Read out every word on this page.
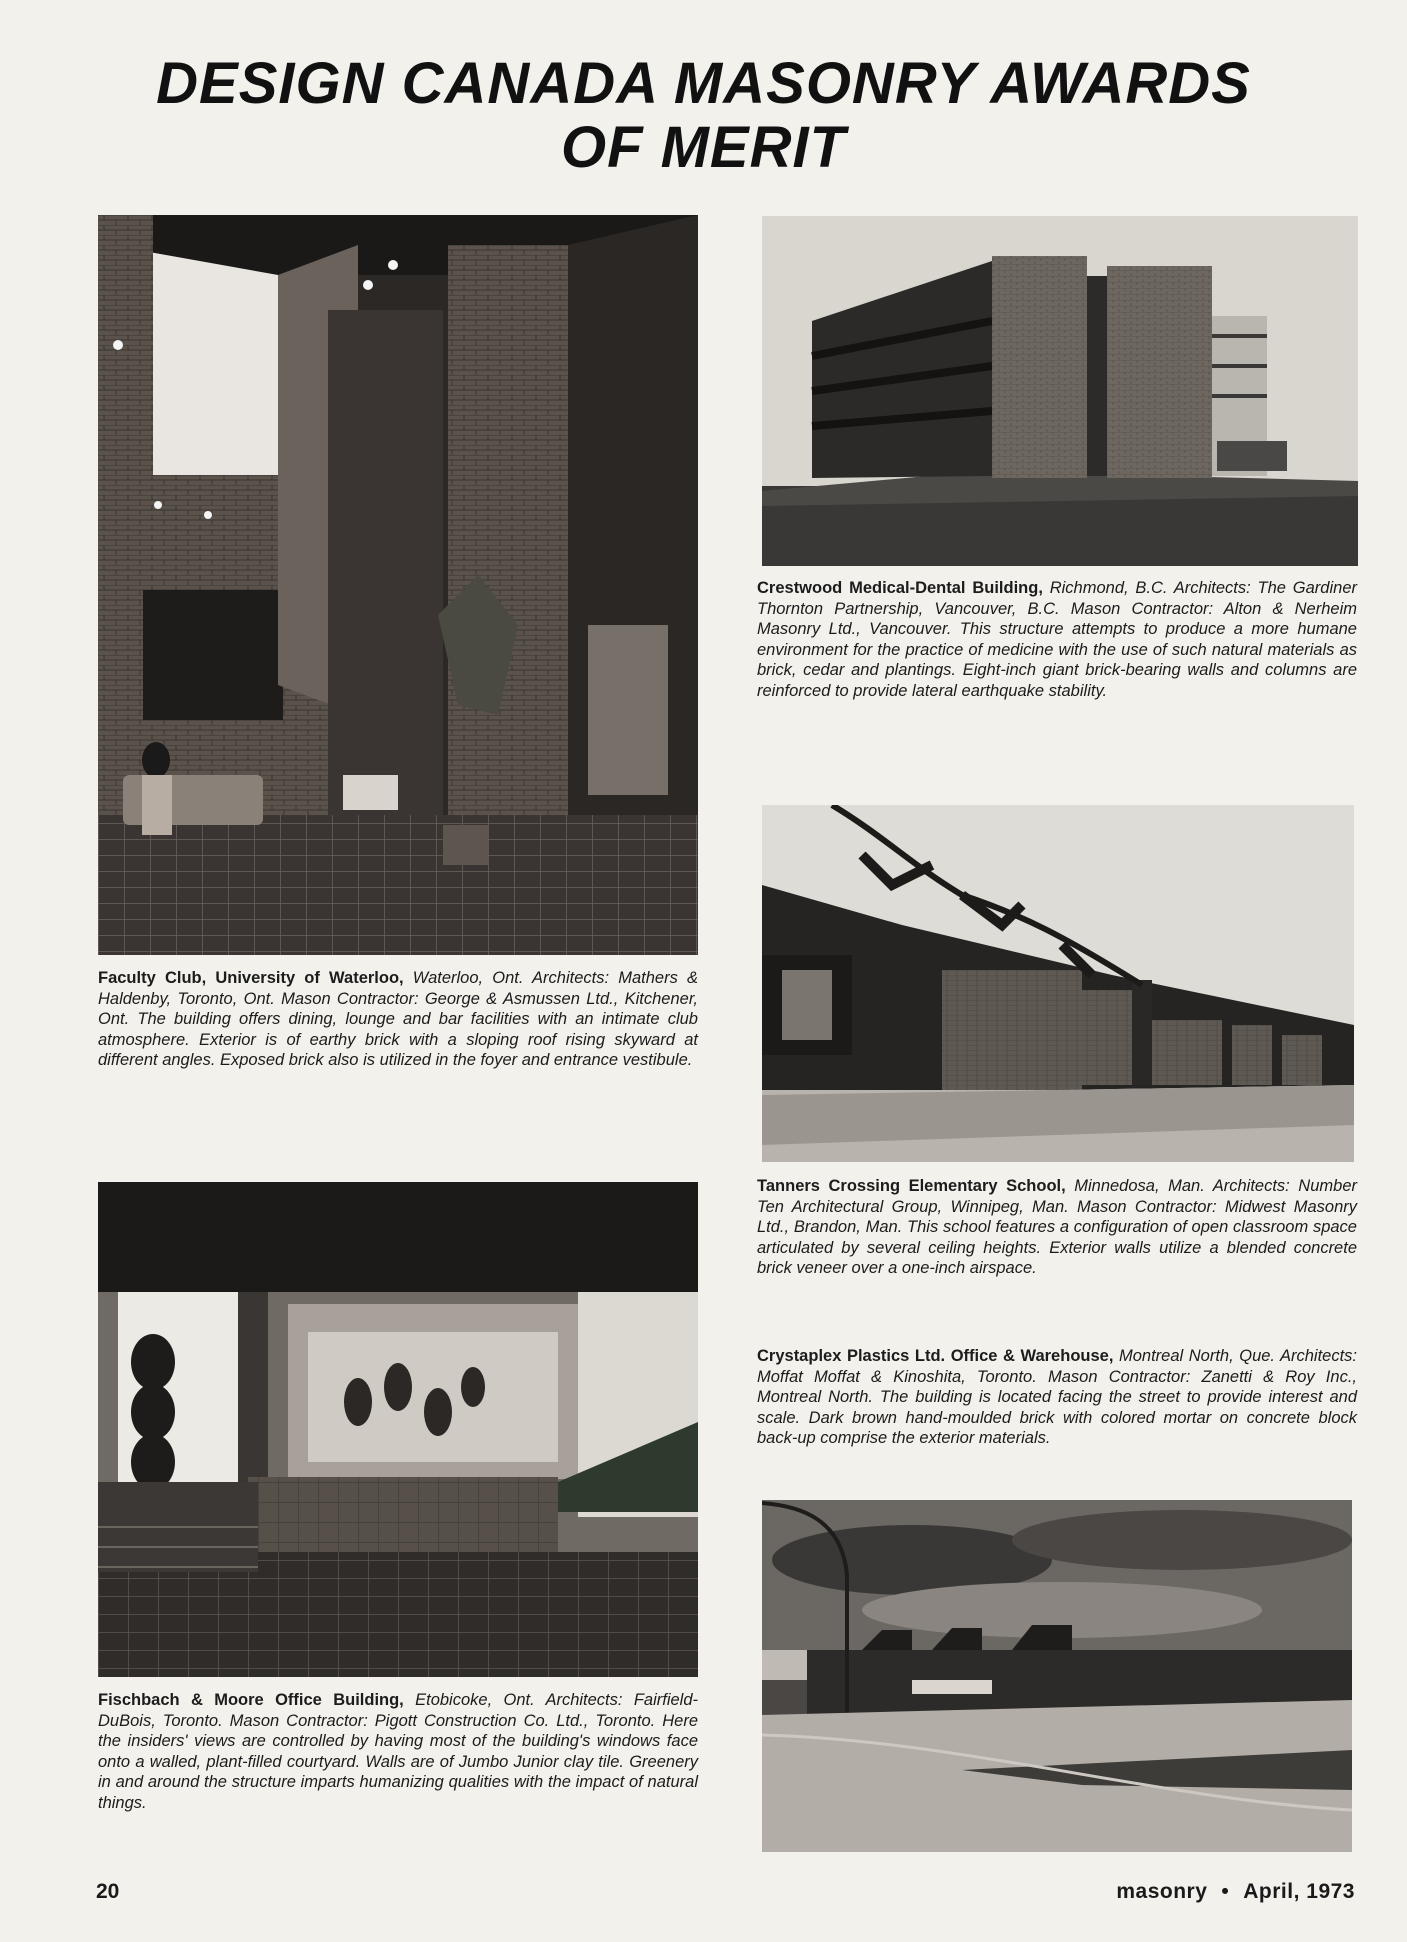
DESIGN CANADA MASONRY AWARDS
OF MERIT
Faculty Club, University of Waterloo, Waterloo, Ont. Architects: Mathers & Haldenby, Toronto, Ont. Mason Contractor: George & Asmussen Ltd., Kitchener, Ont. The building offers dining, lounge and bar facilities with an intimate club atmosphere. Exterior is of earthy brick with a sloping roof rising skyward at different angles. Exposed brick also is utilized in the foyer and entrance vestibule.
Fischbach & Moore Office Building, Etobicoke, Ont. Architects: Fairfield-DuBois, Toronto. Mason Contractor: Pigott Construction Co. Ltd., Toronto. Here the insiders' views are controlled by having most of the building's windows face onto a walled, plant-filled courtyard. Walls are of Jumbo Junior clay tile. Greenery in and around the structure imparts humanizing qualities with the impact of natural things.
Crestwood Medical-Dental Building, Richmond, B.C. Architects: The Gardiner Thornton Partnership, Vancouver, B.C. Mason Contractor: Alton & Nerheim Masonry Ltd., Vancouver. This structure attempts to produce a more humane environment for the practice of medicine with the use of such natural materials as brick, cedar and plantings. Eight-inch giant brick-bearing walls and columns are reinforced to provide lateral earthquake stability.
Tanners Crossing Elementary School, Minnedosa, Man. Architects: Number Ten Architectural Group, Winnipeg, Man. Mason Contractor: Midwest Masonry Ltd., Brandon, Man. This school features a configuration of open classroom space articulated by several ceiling heights. Exterior walls utilize a blended concrete brick veneer over a one-inch airspace.
Crystaplex Plastics Ltd. Office & Warehouse, Montreal North, Que. Architects: Moffat Moffat & Kinoshita, Toronto. Mason Contractor: Zanetti & Roy Inc., Montreal North. The building is located facing the street to provide interest and scale. Dark brown hand-moulded brick with colored mortar on concrete block back-up comprise the exterior materials.
20	masonry • April, 1973
